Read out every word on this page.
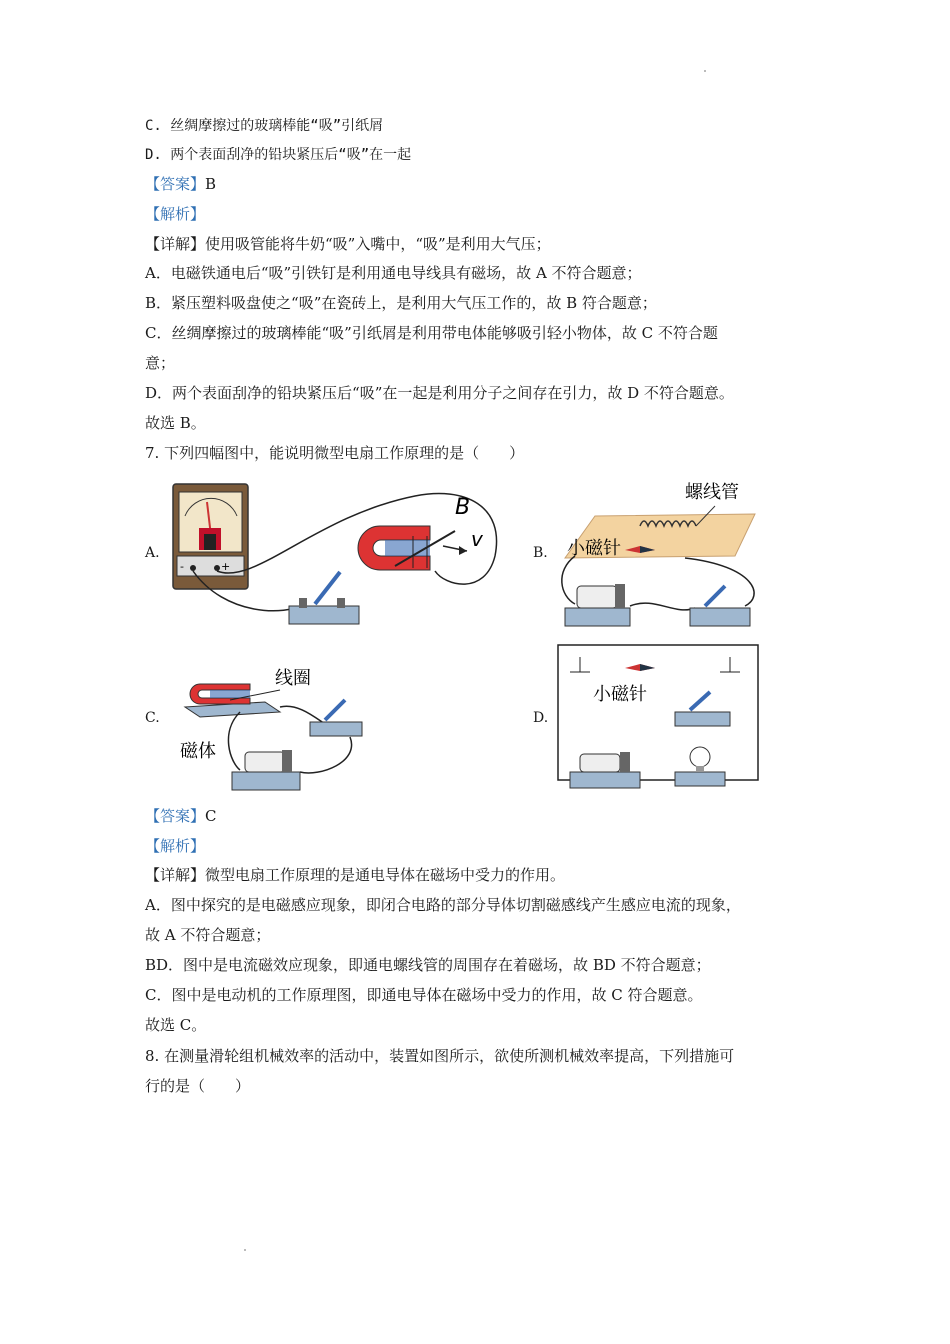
C. 丝绸摩擦过的玻璃棒能“吸”引纸屑
D. 两个表面刮净的铅块紧压后“吸”在一起
【答案】B
【解析】
【详解】使用吸管能将牛奶“吸”入嘴中，“吸”是利用大气压；
A．电磁铁通电后“吸”引铁钉是利用通电导线具有磁场，故 A 不符合题意；
B．紧压塑料吸盘使之“吸”在瓷砖上，是利用大气压工作的，故 B 符合题意；
C．丝绸摩擦过的玻璃棒能“吸”引纸屑是利用带电体能够吸引轻小物体，故 C 不符合题
意；
D．两个表面刮净的铅块紧压后“吸”在一起是利用分子之间存在引力，故 D 不符合题意。
故选 B。
7. 下列四幅图中，能说明微型电扇工作原理的是（　　）
A.	B.
C.	D.
-	+
B
v
螺线管
小磁针
线圈
磁体
小磁针
【答案】C
【解析】
【详解】微型电扇工作原理的是通电导体在磁场中受力的作用。
A．图中探究的是电磁感应现象，即闭合电路的部分导体切割磁感线产生感应电流的现象，
故 A 不符合题意；
BD．图中是电流磁效应现象，即通电螺线管的周围存在着磁场，故 BD 不符合题意；
C．图中是电动机的工作原理图，即通电导体在磁场中受力的作用，故 C 符合题意。
故选 C。
8. 在测量滑轮组机械效率的活动中，装置如图所示，欲使所测机械效率提高，下列措施可
行的是（　　）
